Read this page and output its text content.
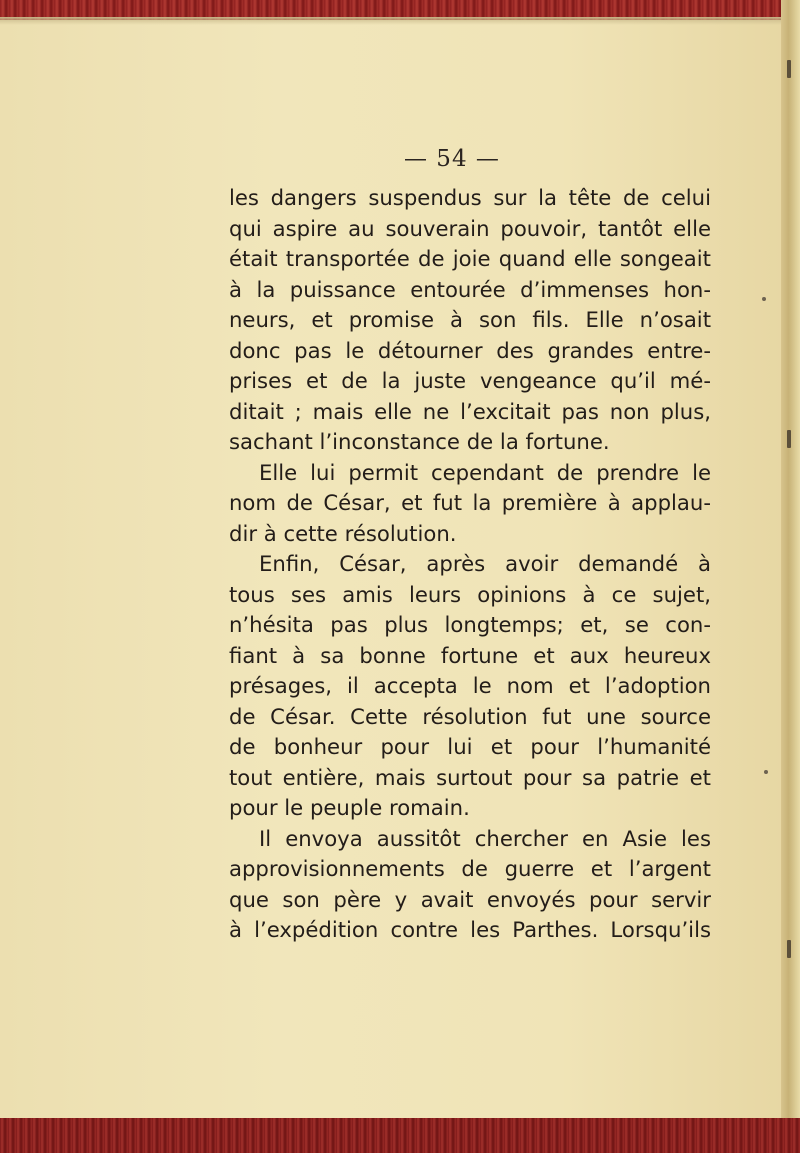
— 54 —
les dangers suspendus sur la tête de celui
qui aspire au souverain pouvoir, tantôt elle
était transportée de joie quand elle songeait
à la puissance entourée d’immenses hon-
neurs, et promise à son fils. Elle n’osait
donc pas le détourner des grandes entre-
prises et de la juste vengeance qu’il mé-
ditait ; mais elle ne l’excitait pas non plus,
sachant l’inconstance de la fortune.
Elle lui permit cependant de prendre le
nom de César, et fut la première à applau-
dir à cette résolution.
Enfin, César, après avoir demandé à
tous ses amis leurs opinions à ce sujet,
n’hésita pas plus longtemps; et, se con-
fiant à sa bonne fortune et aux heureux
présages, il accepta le nom et l’adoption
de César. Cette résolution fut une source
de bonheur pour lui et pour l’humanité
tout entière, mais surtout pour sa patrie et
pour le peuple romain.
Il envoya aussitôt chercher en Asie les
approvisionnements de guerre et l’argent
que son père y avait envoyés pour servir
à l’expédition contre les Parthes. Lorsqu’ils
